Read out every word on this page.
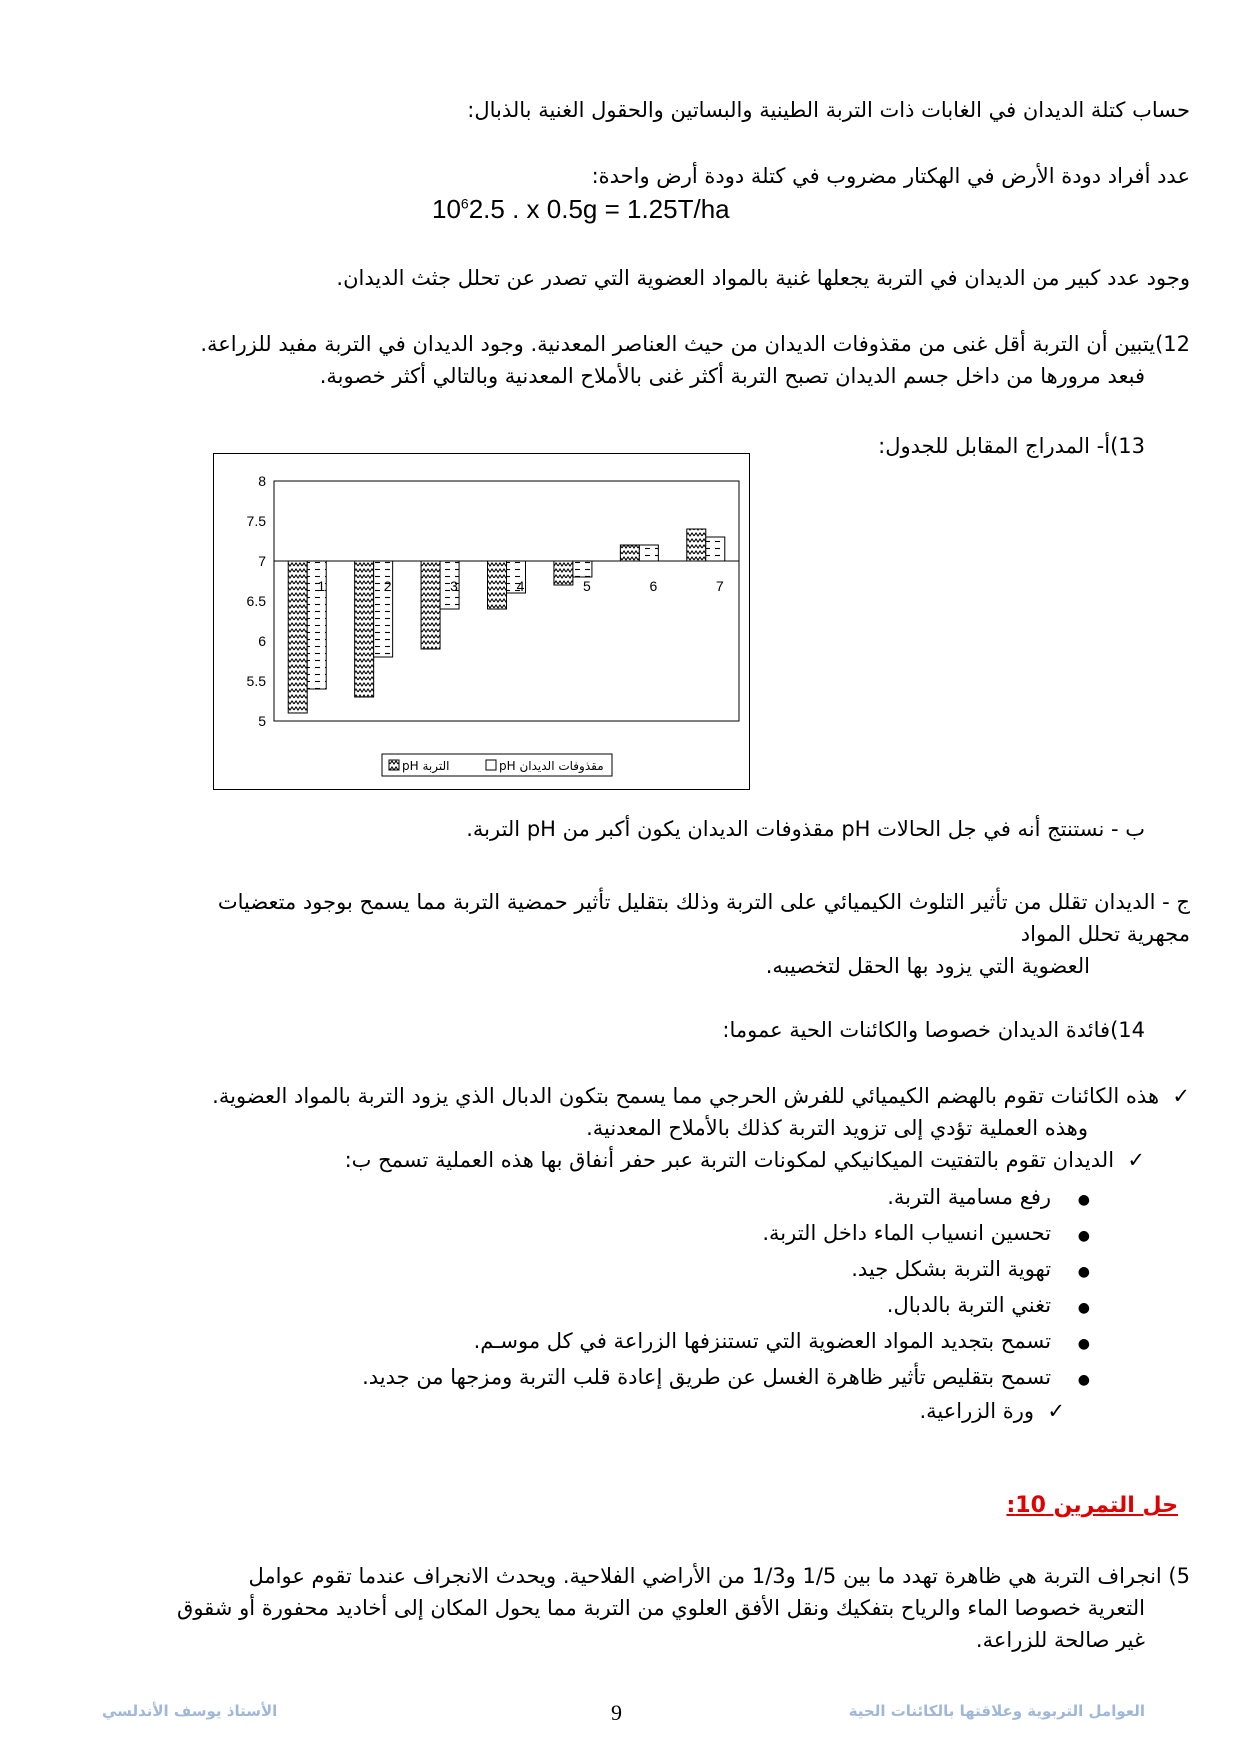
حساب كتلة الديدان في الغابات ذات التربة الطينية والبساتين والحقول الغنية بالذبال:
عدد أفراد دودة الأرض في الهكتار مضروب في كتلة دودة أرض واحدة:
$10^62.5$ . x 0.5g = 1.25T/ha
وجود عدد كبير من الديدان في التربة يجعلها غنية بالمواد العضوية التي تصدر عن تحلل جثث الديدان.
12)يتبين أن التربة أقل غنى من مقذوفات الديدان من حيث العناصر المعدنية. وجود الديدان في التربة مفيد للزراعة.
فبعد مرورها من داخل جسم الديدان تصبح التربة أكثر غنى بالأملاح المعدنية وبالتالي أكثر خصوبة.
13)أ- المدراج المقابل للجدول:
5
5.5
6
6.5
7
7.5
8
1	2	3	4	5	6	7
pH التربة	pH مقذوفات الديدان
ب - نستنتج أنه في جل الحالات pH مقذوفات الديدان يكون أكبر من pH التربة.
ج - الديدان تقلل من تأثير التلوث الكيميائي على التربة وذلك بتقليل تأثير حمضية التربة مما يسمح بوجود متعضيات
مجهرية تحلل المواد
العضوية التي يزود بها الحقل لتخصيبه.
14)فائدة الديدان خصوصا والكائنات الحية عموما:
✓  هذه الكائنات تقوم بالهضم الكيميائي للفرش الحرجي مما يسمح بتكون الدبال الذي يزود التربة بالمواد العضوية.
وهذه العملية تؤدي إلى تزويد التربة كذلك بالأملاح المعدنية.
✓  الديدان تقوم بالتفتيت الميكانيكي لمكونات التربة عبر حفر أنفاق بها هذه العملية تسمح ب:
●    رفع مسامية التربة.
●    تحسين انسياب الماء داخل التربة.
●    تهوية التربة بشكل جيد.
●    تغني التربة بالدبال.
●    تسمح بتجديد المواد العضوية التي تستنزفها الزراعة في كل موسـم.
●    تسمح بتقليص تأثير ظاهرة الغسل عن طريق إعادة قلب التربة ومزجها من جديد.
✓  ورة الزراعية.
حل التمرين 10:
5) انجراف التربة هي ظاهرة تهدد ما بين 1/5 و1/3 من الأراضي الفلاحية. ويحدث الانجراف عندما تقوم عوامل
التعرية خصوصا الماء والرياح بتفكيك ونقل الأفق العلوي من التربة مما يحول المكان إلى أخاديد محفورة أو شقوق
غير صالحة للزراعة.
الأستاذ يوسف الأندلسي	9	العوامل التربوية وعلاقتها بالكائنات الحية
